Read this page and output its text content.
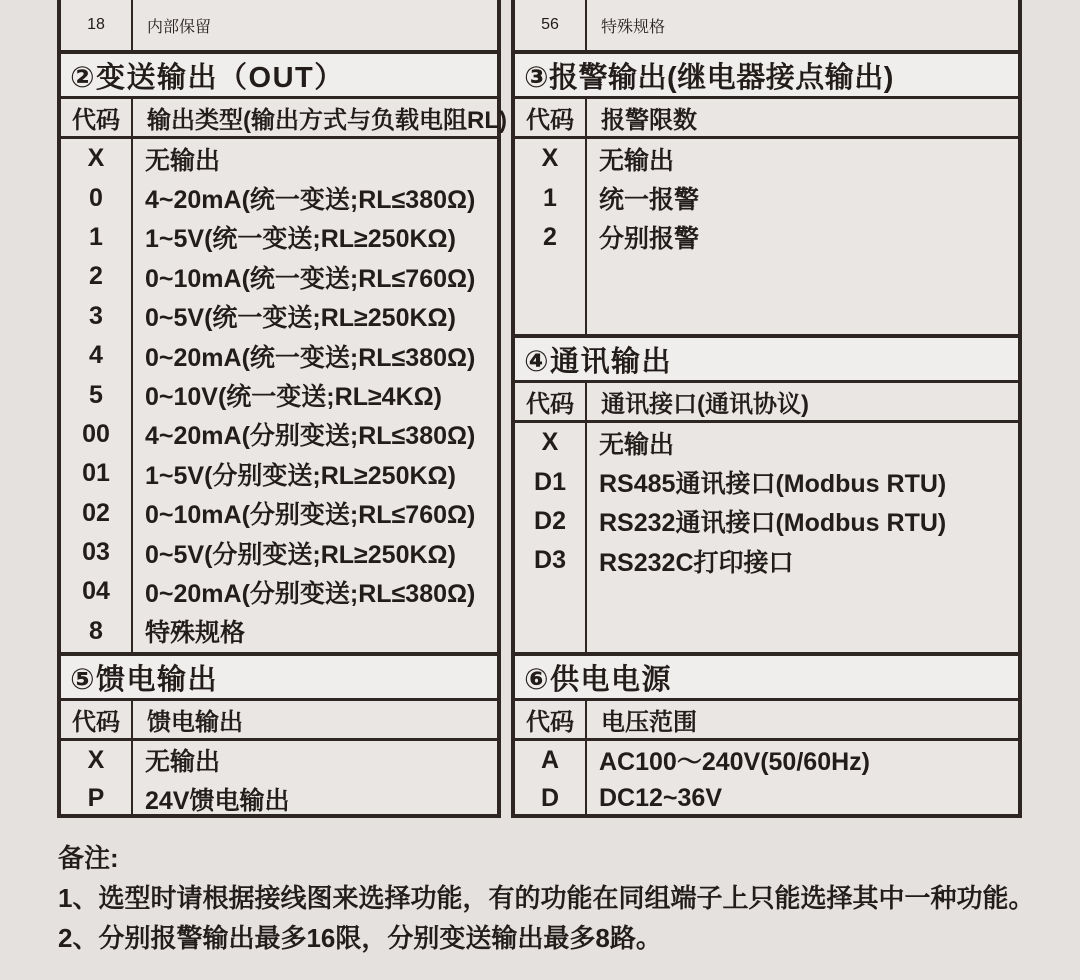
18	内部保留
②变送输出（OUT）
代码	输出类型(输出方式与负载电阻RL)
X	无输出
0	4~20mA(统一变送;RL≤380Ω)
1	1~5V(统一变送;RL≥250KΩ)
2	0~10mA(统一变送;RL≤760Ω)
3	0~5V(统一变送;RL≥250KΩ)
4	0~20mA(统一变送;RL≤380Ω)
5	0~10V(统一变送;RL≥4KΩ)
00	4~20mA(分别变送;RL≤380Ω)
01	1~5V(分别变送;RL≥250KΩ)
02	0~10mA(分别变送;RL≤760Ω)
03	0~5V(分别变送;RL≥250KΩ)
04	0~20mA(分别变送;RL≤380Ω)
8	特殊规格
⑤馈电输出
代码	馈电输出
X	无输出
P	24V馈电输出
56	特殊规格
③报警输出(继电器接点输出)
代码	报警限数
X	无输出
1	统一报警
2	分别报警
④通讯输出
代码	通讯接口(通讯协议)
X	无输出
D1	RS485通讯接口(Modbus RTU)
D2	RS232通讯接口(Modbus RTU)
D3	RS232C打印接口
⑥供电电源
代码	电压范围
A	AC100～240V(50/60Hz)
D	DC12~36V
备注:
1、选型时请根据接线图来选择功能，有的功能在同组端子上只能选择其中一种功能。
2、分别报警输出最多16限，分别变送输出最多8路。
